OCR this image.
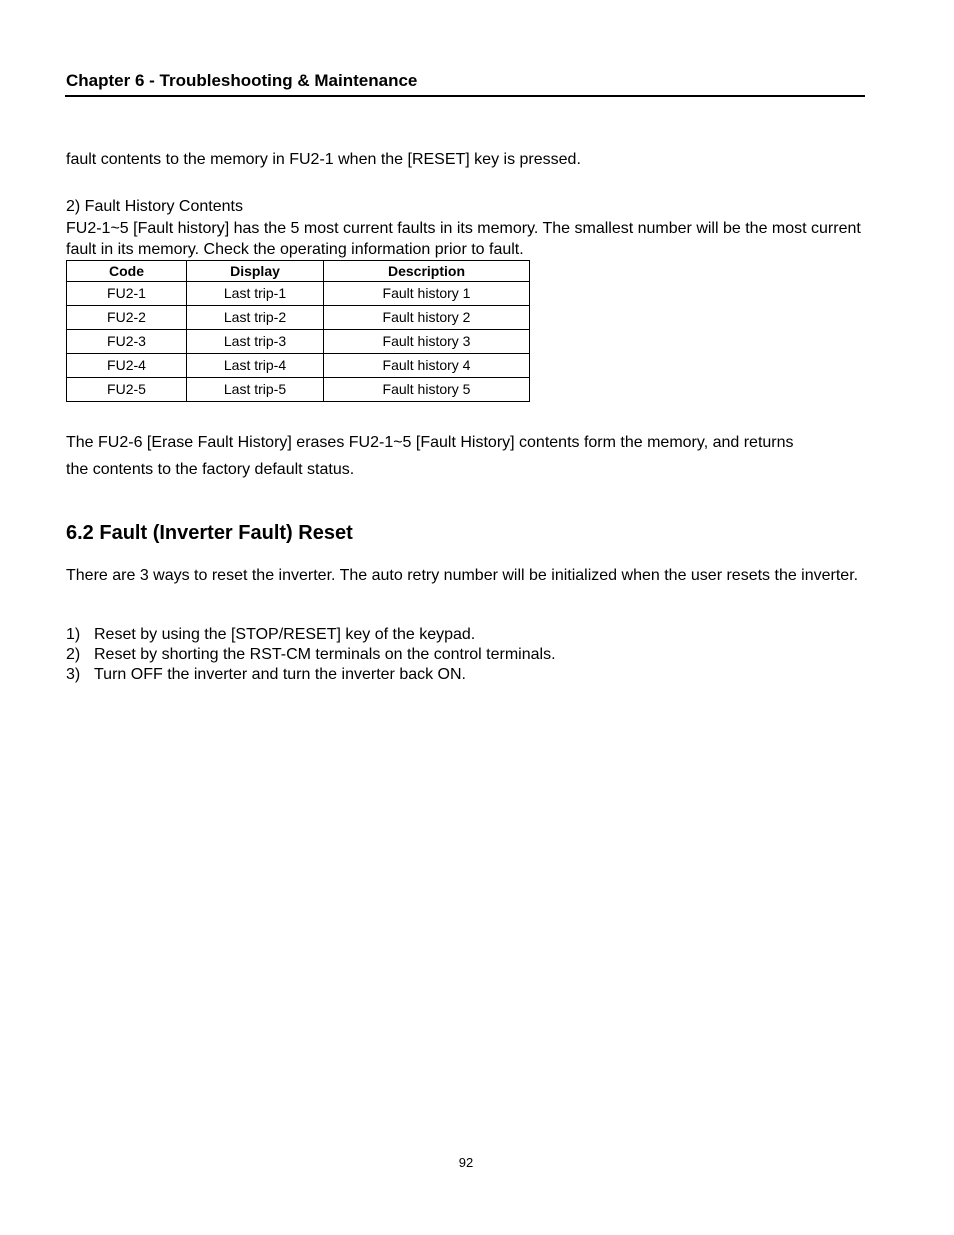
Chapter 6 - Troubleshooting & Maintenance

fault contents to the memory in FU2-1 when the [RESET] key is pressed.

2) Fault History Contents

FU2-1~5 [Fault history] has the 5 most current faults in its memory. The smallest number will be the most current fault in its memory. Check the operating information prior to fault.

Code	Display	Description
FU2-1	Last trip-1	Fault history 1
FU2-2	Last trip-2	Fault history 2
FU2-3	Last trip-3	Fault history 3
FU2-4	Last trip-4	Fault history 4
FU2-5	Last trip-5	Fault history 5

The FU2-6 [Erase Fault History] erases FU2-1~5 [Fault History] contents form the memory, and returns

the contents to the factory default status.

6.2 Fault (Inverter Fault) Reset

There are 3 ways to reset the inverter. The auto retry number will be initialized when the user resets the inverter.

1) Reset by using the [STOP/RESET] key of the keypad.
2) Reset by shorting the RST-CM terminals on the control terminals.
3) Turn OFF the inverter and turn the inverter back ON.
92
